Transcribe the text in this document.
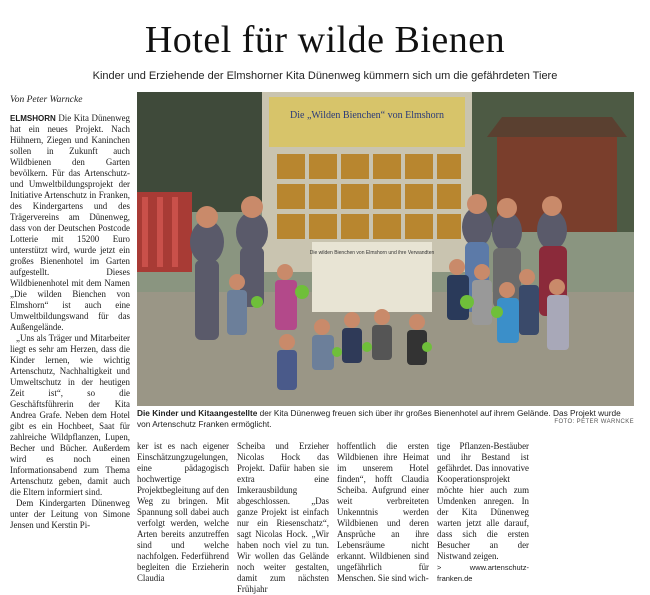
Hotel für wilde Bienen
Kinder und Erziehende der Elmshorner Kita Dünenweg kümmern sich um die gefährdeten Tiere
Von Peter Warncke

ELMSHORN Die Kita Dünenweg hat ein neues Projekt. Nach Hühnern, Ziegen und Kaninchen sollen in Zukunft auch Wildbienen den Garten bevölkern. Für das Artenschutz- und Umweltbildungsprojekt der Initiative Artenschutz in Franken, des Kindergartens und des Trägervereins am Dünenweg, dass von der Deutschen Postcode Lotterie mit 15200 Euro unterstützt wird, wurde jetzt ein großes Bienenhotel im Garten aufgestellt. Dieses Wildbienenhotel mit dem Namen „Die wilden Bienchen von Elmshorn“ ist auch eine Umweltbildungswand für das Außengelände.

„Uns als Träger und Mitarbeiter liegt es sehr am Herzen, dass die Kinder lernen, wie wichtig Artenschutz, Nachhaltigkeit und Umweltschutz in der heutigen Zeit ist“, so die Geschäftsführerin der Kita Andrea Grafe. Neben dem Hotel gibt es ein Hochbeet, Saat für zahlreiche Wildpflanzen, Lupen, Becher und Bücher. Außerdem wird es noch einen Informationsabend zum Thema Artenschutz geben, damit auch die Eltern informiert sind.

Dem Kindergarten Dünenweg unter der Leitung von Simone Jensen und Kerstin Pi-

Die „Wilden Bienchen“ von Elmshorn
Die wilden Bienchen von Elmshorn und ihre Verwandten
Die Kinder und Kitaangestellte der Kita Dünenweg freuen sich über ihr großes Bienenhotel auf ihrem Gelände. Das Projekt wurde von Artenschutz Franken ermöglicht.	FOTO: PETER WARNCKE

ker ist es nach eigener Einschätzungzugelungen, eine pädagogisch hochwertige Projektbegleitung auf den Weg zu bringen. Mit Spannung soll dabei auch verfolgt werden, welche Arten bereits anzutreffen sind und welche nachfolgen. Federführend begleiten die Erzieherin Claudia

Scheiba und Erzieher Nicolas Hock das Projekt. Dafür haben sie extra eine Imkerausbildung abgeschlossen. „Das ganze Projekt ist einfach nur ein Riesenschatz“, sagt Nicolas Hock. „Wir haben noch viel zu tun. Wir wollen das Gelände noch weiter gestalten, damit zum nächsten Frühjahr

hoffentlich die ersten Wildbienen ihre Heimat im unserem Hotel finden“, hofft Claudia Scheiba. Aufgrund einer weit verbreiteten Unkenntnis werden Wildbienen und deren Ansprüche an ihre Lebensräume nicht erkannt. Wildbienen sind ungefährlich für Menschen. Sie sind wich-

tige Pflanzen-Bestäuber und ihr Bestand ist gefährdet. Das innovative Kooperationsprojekt möchte hier auch zum Umdenken anregen. In der Kita Dünenweg warten jetzt alle darauf, dass sich die ersten Besucher an der Nistwand zeigen.

> www.artenschutz-franken.de
